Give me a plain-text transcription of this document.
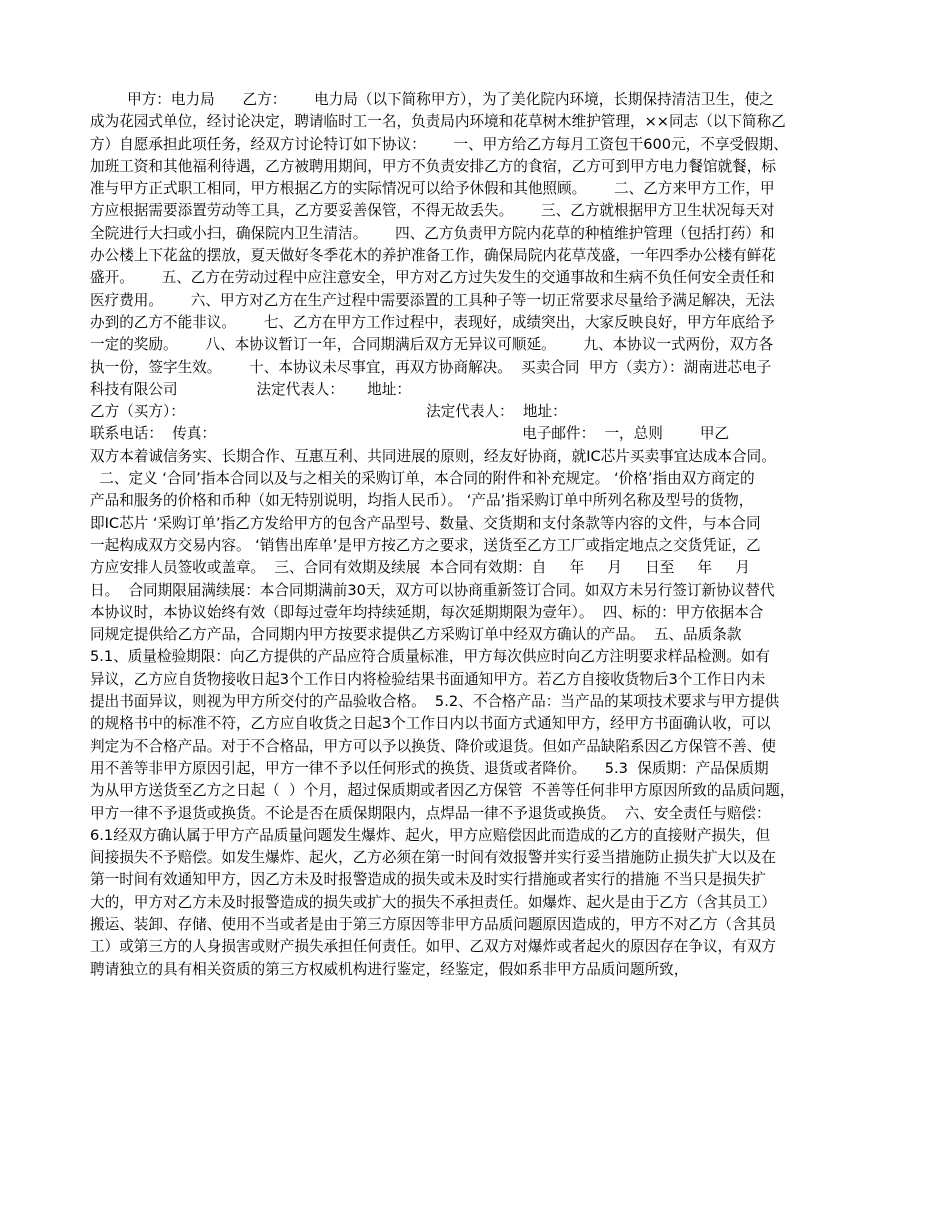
甲方：电力局      乙方：      电力局（以下简称甲方），为了美化院内环境，长期保持清洁卫生，使之
成为花园式单位，经讨论决定，聘请临时工一名，负责局内环境和花草树木维护管理，××同志（以下简称乙
方）自愿承担此项任务，经双方讨论特订如下协议：      一、甲方给乙方每月工资包干600元，不享受假期、
加班工资和其他福利待遇，乙方被聘用期间，甲方不负责安排乙方的食宿，乙方可到甲方电力餐馆就餐，标
准与甲方正式职工相同，甲方根据乙方的实际情况可以给予休假和其他照顾。      二、乙方来甲方工作，甲
方应根据需要添置劳动等工具，乙方要妥善保管，不得无故丢失。      三、乙方就根据甲方卫生状况每天对
全院进行大扫或小扫，确保院内卫生清洁。      四、乙方负责甲方院内花草的种植维护管理（包括打药）和
办公楼上下花盆的摆放，夏天做好冬季花木的养护准备工作，确保局院内花草茂盛，一年四季办公楼有鲜花
盛开。      五、乙方在劳动过程中应注意安全，甲方对乙方过失发生的交通事故和生病不负任何安全责任和
医疗费用。      六、甲方对乙方在生产过程中需要添置的工具种子等一切正常要求尽量给予满足解决，无法
办到的乙方不能非议。      七、乙方在甲方工作过程中，表现好，成绩突出，大家反映良好，甲方年底给予
一定的奖励。      八、本协议暂订一年，合同期满后双方无异议可顺延。      九、本协议一式两份，双方各
执一份，签字生效。      十、本协议未尽事宜，再双方协商解决。  买卖合同  甲方（卖方）：湖南进芯电子
科技有限公司                 法定代表人：     地址：
乙方（买方）：                                                    法定代表人：  地址：
联系电话：  传真：                                                                  电子邮件：  一，总则        甲乙
双方本着诚信务实、长期合作、互惠互利、共同进展的原则，经友好协商，就IC芯片买卖事宜达成本合同。
二、定义 ‘合同’指本合同以及与之相关的采购订单，本合同的附件和补充规定。 ‘价格’指由双方商定的
产品和服务的价格和币种（如无特别说明，均指人民币）。 ‘产品’指采购订单中所列名称及型号的货物，
即IC芯片 ‘采购订单’指乙方发给甲方的包含产品型号、数量、交货期和支付条款等内容的文件，与本合同
一起构成双方交易内容。 ‘销售出库单’是甲方按乙方之要求，送货至乙方工厂或指定地点之交货凭证，乙
方应安排人员签收或盖章。  三、合同有效期及续展  本合同有效期：自     年     月     日至     年     月
日。  合同期限届满续展：本合同期满前30天，双方可以协商重新签订合同。如双方未另行签订新协议替代
本协议时，本协议始终有效（即每过壹年均持续延期，每次延期期限为壹年）。  四、标的：甲方依据本合
同规定提供给乙方产品，合同期内甲方按要求提供乙方采购订单中经双方确认的产品。  五、品质条款
5.1、质量检验期限：向乙方提供的产品应符合质量标准，甲方每次供应时向乙方注明要求样品检测。如有
异议，乙方应自货物接收日起3个工作日内将检验结果书面通知甲方。若乙方自接收货物后3个工作日内未
提出书面异议，则视为甲方所交付的产品验收合格。  5.2、不合格产品：当产品的某项技术要求与甲方提供
的规格书中的标准不符，乙方应自收货之日起3个工作日内以书面方式通知甲方，经甲方书面确认收，可以
判定为不合格产品。对于不合格品，甲方可以予以换货、降价或退货。但如产品缺陷系因乙方保管不善、使
用不善等非甲方原因引起，甲方一律不予以任何形式的换货、退货或者降价。    5.3  保质期：产品保质期
为从甲方送货至乙方之日起（  ）个月，超过保质期或者因乙方保管  不善等任何非甲方原因所致的品质问题，
甲方一律不予退货或换货。不论是否在质保期限内，点焊品一律不予退货或换货。  六、安全责任与赔偿：
6.1经双方确认属于甲方产品质量问题发生爆炸、起火，甲方应赔偿因此而造成的乙方的直接财产损失，但
间接损失不予赔偿。如发生爆炸、起火，乙方必须在第一时间有效报警并实行妥当措施防止损失扩大以及在
第一时间有效通知甲方，因乙方未及时报警造成的损失或未及时实行措施或者实行的措施 不当只是损失扩
大的，甲方对乙方未及时报警造成的损失或扩大的损失不承担责任。如爆炸、起火是由于乙方（含其员工）
搬运、装卸、存储、使用不当或者是由于第三方原因等非甲方品质问题原因造成的，甲方不对乙方（含其员
工）或第三方的人身损害或财产损失承担任何责任。如甲、乙双方对爆炸或者起火的原因存在争议，有双方
聘请独立的具有相关资质的第三方权威机构进行鉴定，经鉴定，假如系非甲方品质问题所致，
